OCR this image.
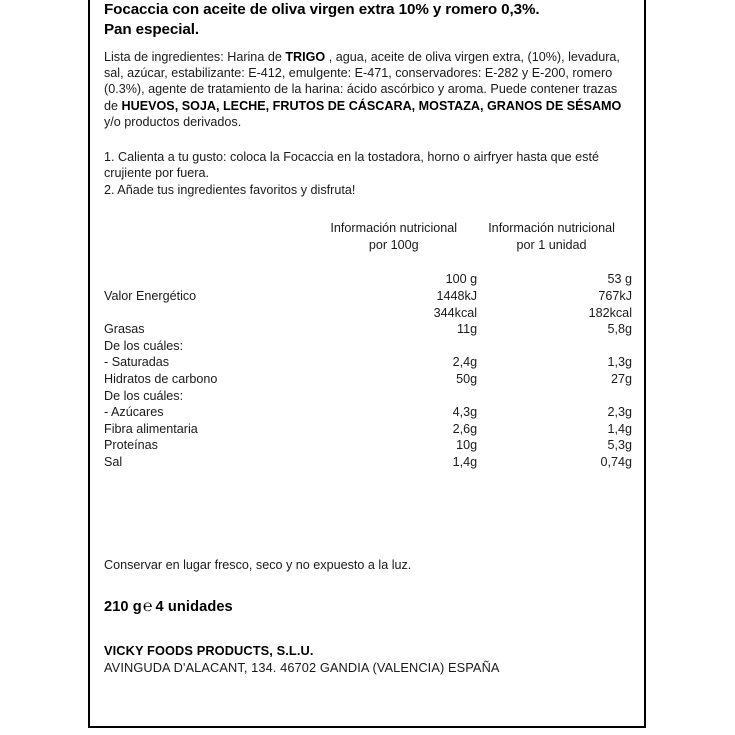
Focaccia con aceite de oliva virgen extra 10% y romero 0,3%.
Pan especial.
Lista de ingredientes: Harina de TRIGO , agua, aceite de oliva virgen extra, (10%), levadura, sal, azúcar, estabilizante: E-412, emulgente: E-471, conservadores: E-282 y E-200, romero (0.3%), agente de tratamiento de la harina: ácido ascórbico y aroma. Puede contener trazas de HUEVOS, SOJA, LECHE, FRUTOS DE CÁSCARA, MOSTAZA, GRANOS DE SÉSAMO y/o productos derivados.
1. Calienta a tu gusto: coloca la Focaccia en la tostadora, horno o airfryer hasta que esté crujiente por fuera.
2. Añade tus ingredientes favoritos y disfruta!

Información nutricional
por 100g

Información nutricional
por 1 unidad

	100 g	53 g
Valor Energético	1448kJ	767kJ
	344kcal	182kcal
Grasas	11g	5,8g
De los cuáles:		
- Saturadas	2,4g	1,3g
Hidratos de carbono	50g	27g
De los cuáles:		
- Azúcares	4,3g	2,3g
Fibra alimentaria	2,6g	1,4g
Proteínas	10g	5,3g
Sal	1,4g	0,74g
Conservar en lugar fresco, seco y no expuesto a la luz.
210 g℮ 4 unidades
VICKY FOODS PRODUCTS, S.L.U.
AVINGUDA D'ALACANT, 134. 46702 GANDIA (VALENCIA) ESPAÑA
